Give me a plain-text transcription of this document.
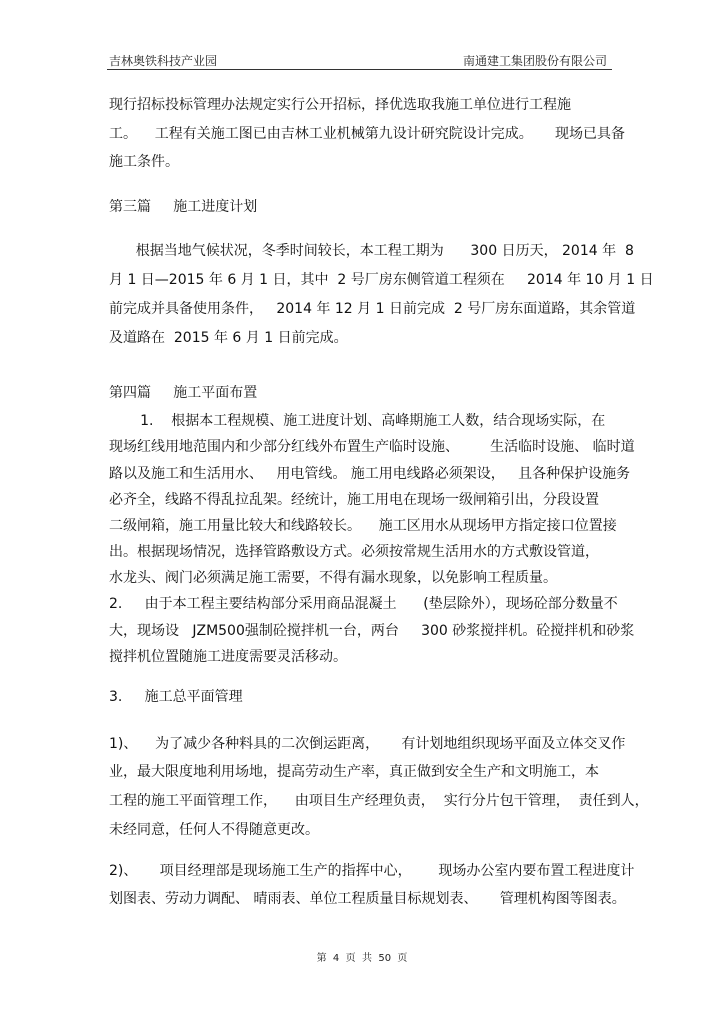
吉林奥铁科技产业园	南通建工集团股份有限公司
现行招标投标管理办法规定实行公开招标，择优选取我施工单位进行工程施
工。    工程有关施工图已由吉林工业机械第九设计研究院设计完成。     现场已具备
施工条件。
第三篇     施工进度计划
根据当地气候状况，冬季时间较长，本工程工期为      300 日历天， 2014 年  8
月 1 日—2015 年 6 月 1 日，其中  2 号厂房东侧管道工程须在     2014 年 10 月 1 日
前完成并具备使用条件，   2014 年 12 月 1 日前完成  2 号厂房东面道路，其余管道
及道路在  2015 年 6 月 1 日前完成。
第四篇     施工平面布置
1.    根据本工程规模、施工进度计划、高峰期施工人数，结合现场实际，在
现场红线用地范围内和少部分红线外布置生产临时设施、       生活临时设施、 临时道
路以及施工和生活用水、   用电管线。 施工用电线路必须架设，   且各种保护设施务
必齐全，线路不得乱拉乱架。经统计，施工用电在现场一级闸箱引出，分段设置
二级闸箱，施工用量比较大和线路较长。    施工区用水从现场甲方指定接口位置接
出。根据现场情况，选择管路敷设方式。必须按常规生活用水的方式敷设管道，
水龙头、阀门必须满足施工需要，不得有漏水现象，以免影响工程质量。
2.     由于本工程主要结构部分采用商品混凝土      (垫层除外），现场砼部分数量不
大，现场设   JZM500强制砼搅拌机一台，两台     300 砂浆搅拌机。砼搅拌机和砂浆
搅拌机位置随施工进度需要灵活移动。
3.     施工总平面管理
1)、    为了减少各种料具的二次倒运距离，     有计划地组织现场平面及立体交叉作
业，最大限度地利用场地，提高劳动生产率，真正做到安全生产和文明施工，本
工程的施工平面管理工作，    由项目生产经理负责，  实行分片包干管理，  责任到人，
未经同意，任何人不得随意更改。
2)、     项目经理部是现场施工生产的指挥中心，      现场办公室内要布置工程进度计
划图表、劳动力调配、 晴雨表、单位工程质量目标规划表、     管理机构图等图表。
第  4  页  共  50  页
